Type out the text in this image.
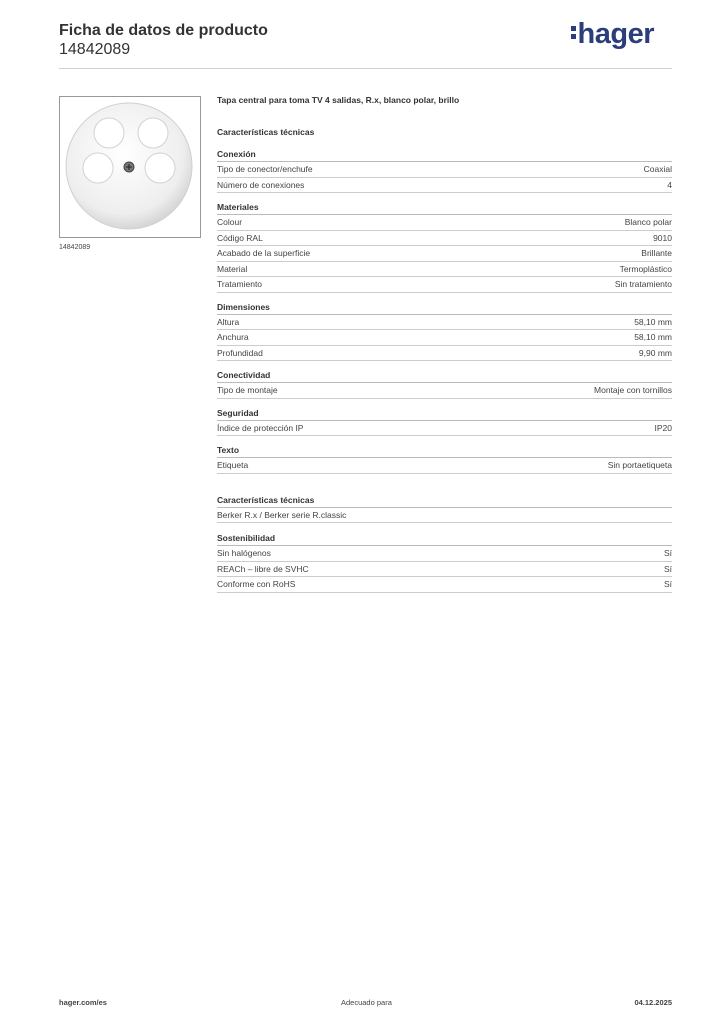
Ficha de datos de producto
14842089	hager
14842089
Tapa central para toma TV 4 salidas, R.x, blanco polar, brillo
Características técnicas
Conexión
Tipo de conector/enchufe	Coaxial
Número de conexiones	4
Materiales
Colour	Blanco polar
Código RAL	9010
Acabado de la superficie	Brillante
Material	Termoplástico
Tratamiento	Sin tratamiento
Dimensiones
Altura	58,10 mm
Anchura	58,10 mm
Profundidad	9,90 mm
Conectividad
Tipo de montaje	Montaje con tornillos
Seguridad
Índice de protección IP	IP20
Texto
Etiqueta	Sin portaetiqueta
Características técnicas
Berker R.x / Berker serie R.classic
Sostenibilidad
Sin halógenos	Sí
REACh – libre de SVHC	Sí
Conforme con RoHS	Sí
hager.com/es	Adecuado para	04.12.2025
